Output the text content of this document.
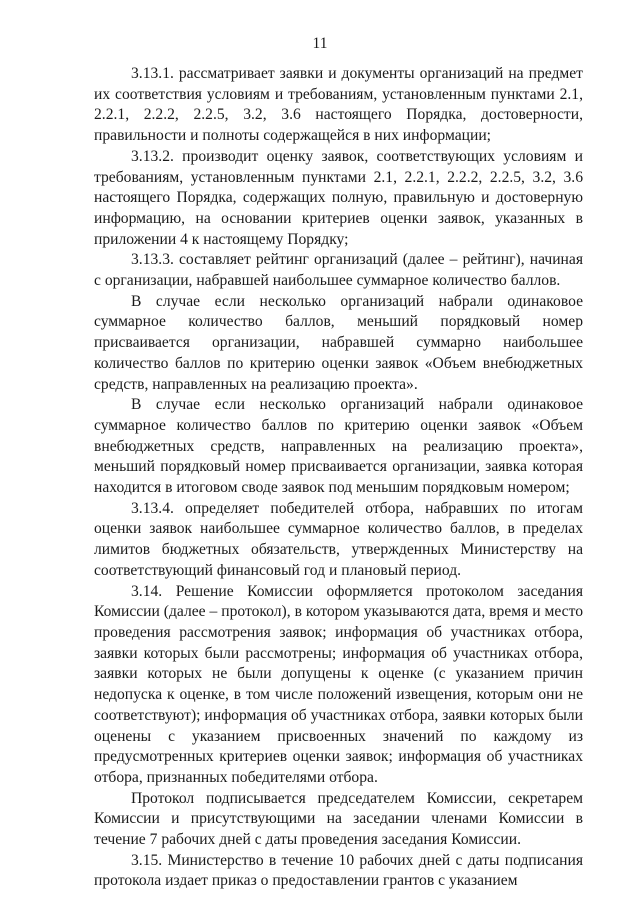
11

3.13.1. рассматривает заявки и документы организаций на предмет их соответствия условиям и требованиям, установленным пунктами 2.1, 2.2.1, 2.2.2, 2.2.5, 3.2, 3.6 настоящего Порядка, достоверности, правильности и полноты содержащейся в них информации;

3.13.2. производит оценку заявок, соответствующих условиям и требованиям, установленным пунктами 2.1, 2.2.1, 2.2.2, 2.2.5, 3.2, 3.6 настоящего Порядка, содержащих полную, правильную и достоверную информацию, на основании критериев оценки заявок, указанных в приложении 4 к настоящему Порядку;

3.13.3. составляет рейтинг организаций (далее – рейтинг), начиная с организации, набравшей наибольшее суммарное количество баллов.

В случае если несколько организаций набрали одинаковое суммарное количество баллов, меньший порядковый номер присваивается организации, набравшей суммарно наибольшее количество баллов по критерию оценки заявок «Объем внебюджетных средств, направленных на реализацию проекта».

В случае если несколько организаций набрали одинаковое суммарное количество баллов по критерию оценки заявок «Объем внебюджетных средств, направленных на реализацию проекта», меньший порядковый номер присваивается организации, заявка которая находится в итоговом своде заявок под меньшим порядковым номером;

3.13.4. определяет победителей отбора, набравших по итогам оценки заявок наибольшее суммарное количество баллов, в пределах лимитов бюджетных обязательств, утвержденных Министерству на соответствующий финансовый год и плановый период.

3.14. Решение Комиссии оформляется протоколом заседания Комиссии (далее – протокол), в котором указываются дата, время и место проведения рассмотрения заявок; информация об участниках отбора, заявки которых были рассмотрены; информация об участниках отбора, заявки которых не были допущены к оценке (с указанием причин недопуска к оценке, в том числе положений извещения, которым они не соответствуют); информация об участниках отбора, заявки которых были оценены с указанием присвоенных значений по каждому из предусмотренных критериев оценки заявок; информация об участниках отбора, признанных победителями отбора.

Протокол подписывается председателем Комиссии, секретарем Комиссии и присутствующими на заседании членами Комиссии в течение 7 рабочих дней с даты проведения заседания Комиссии.

3.15. Министерство в течение 10 рабочих дней с даты подписания протокола издает приказ о предоставлении грантов с указанием
